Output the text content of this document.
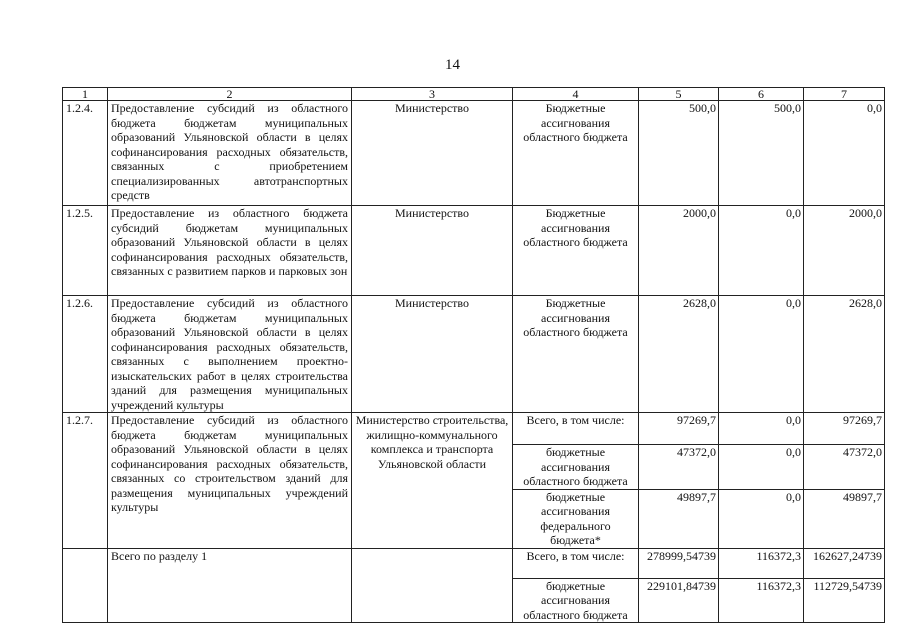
14
1	2	3	4	5	6	7
1.2.4.	Предоставление субсидий из областного бюджета бюджетам муниципальных образований Ульяновской области в целях софинансирования расходных обязательств, связанных с приобретением специализированных автотранспортных средств	Министерство	Бюджетные ассигнования областного бюджета	500,0	500,0	0,0
1.2.5.	Предоставление из областного бюджета субсидий бюджетам муниципальных образований Ульяновской области в целях софинансирования расходных обязательств, связанных с развитием парков и парковых зон	Министерство	Бюджетные ассигнования областного бюджета	2000,0	0,0	2000,0
1.2.6.	Предоставление субсидий из областного бюджета бюджетам муниципальных образований Ульяновской области в целях софинансирования расходных обязательств, связанных с выполнением проектно-изыскательских работ в целях строительства зданий для размещения муниципальных учреждений культуры	Министерство	Бюджетные ассигнования областного бюджета	2628,0	0,0	2628,0
1.2.7.	Предоставление субсидий из областного бюджета бюджетам муниципальных образований Ульяновской области в целях софинансирования расходных обязательств, связанных со строительством зданий для размещения муниципальных учреждений культуры	Министерство строительства, жилищно-коммунального комплекса и транспорта Ульяновской области	Всего, в том числе:	97269,7	0,0	97269,7
			бюджетные ассигнования областного бюджета	47372,0	0,0	47372,0
			бюджетные ассигнования федерального бюджета*	49897,7	0,0	49897,7
	Всего по разделу 1		Всего, в том числе:	278999,54739	116372,3	162627,24739
			бюджетные ассигнования областного бюджета	229101,84739	116372,3	112729,54739
